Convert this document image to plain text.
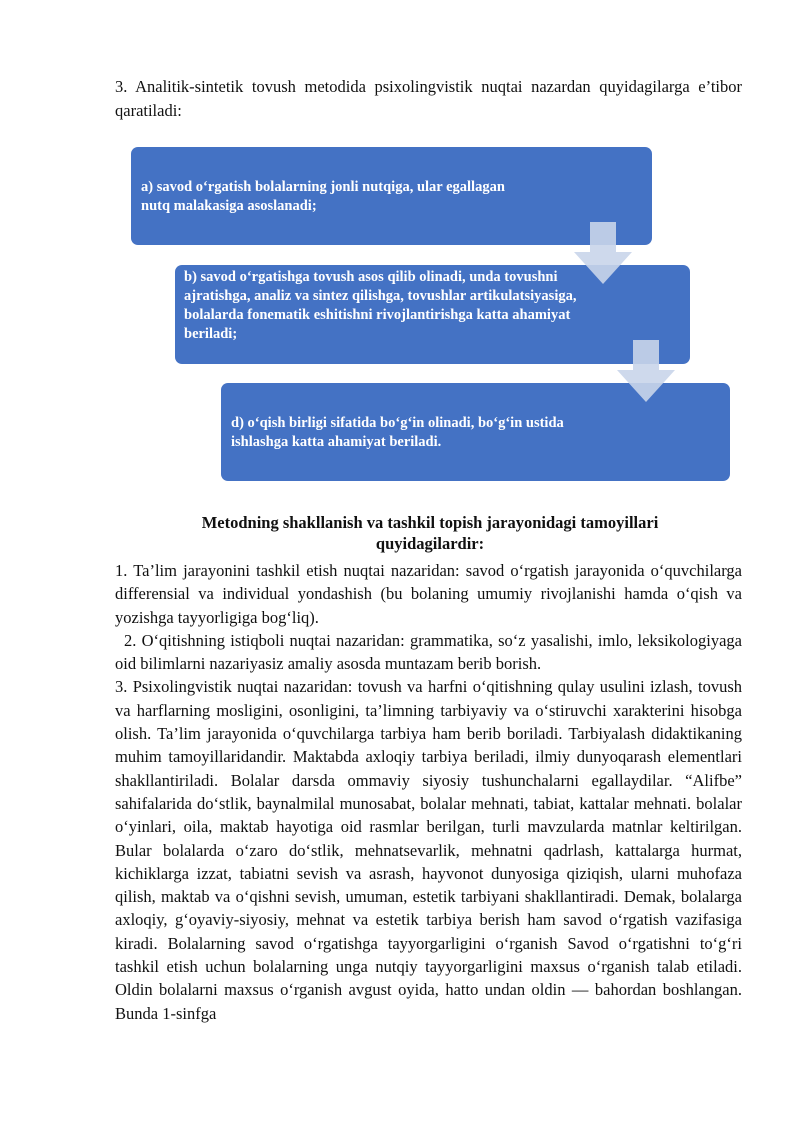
3. Analitik-sintetik tovush metodida psixolingvistik nuqtai nazardan quyidagilarga e’tibor qaratiladi:

a) savod o‘rgatish bolalarning jonli nutqiga, ular egallagan nutq malakasiga asoslanadi;
b) savod o‘rgatishga tovush asos qilib olinadi, unda tovushni ajratishga, analiz va sintez qilishga, tovushlar artikulatsiyasiga, bolalarda fonematik eshitishni rivojlantirishga katta ahamiyat beriladi;
d) o‘qish birligi sifatida bo‘g‘in olinadi, bo‘g‘in ustida ishlashga katta ahamiyat beriladi.
Metodning shakllanish va tashkil topish jarayonidagi tamoyillari quyidagilardir:

1. Ta’lim jarayonini tashkil etish nuqtai nazaridan: savod o‘rgatish jarayonida o‘quvchilarga differensial va individual yondashish (bu bolaning umumiy rivojlanishi hamda o‘qish va yozishga tayyorligiga bog‘liq).

2. O‘qitishning istiqboli nuqtai nazaridan: grammatika, so‘z yasalishi, imlo, leksikologiyaga oid bilimlarni nazariyasiz amaliy asosda muntazam berib borish.

3. Psixolingvistik nuqtai nazaridan: tovush va harfni o‘qitishning qulay usulini izlash, tovush va harflarning mosligini, osonligini, ta’limning tarbiyaviy va o‘stiruvchi xarakterini hisobga olish. Ta’lim jarayonida o‘quvchilarga tarbiya ham berib boriladi. Tarbiyalash didaktikaning muhim tamoyillaridandir. Maktabda axloqiy tarbiya beriladi, ilmiy dunyoqarash elementlari shakllantiriladi. Bolalar darsda ommaviy siyosiy tushunchalarni egallaydilar. “Alifbe” sahifalarida do‘stlik, baynalmilal munosabat, bolalar mehnati, tabiat, kattalar mehnati. bolalar o‘yinlari, oila, maktab hayotiga oid rasmlar berilgan, turli mavzularda matnlar keltirilgan. Bular bolalarda o‘zaro do‘stlik, mehnatsevarlik, mehnatni qadrlash, kattalarga hurmat, kichiklarga izzat, tabiatni sevish va asrash, hayvonot dunyosiga qiziqish, ularni muhofaza qilish, maktab va o‘qishni sevish, umuman, estetik tarbiyani shakllantiradi. Demak, bolalarga axloqiy, g‘oyaviy-siyosiy, mehnat va estetik tarbiya berish ham savod o‘rgatish vazifasiga kiradi. Bolalarning savod o‘rgatishga tayyorgarligini o‘rganish Savod o‘rgatishni to‘g‘ri tashkil etish uchun bolalarning unga nutqiy tayyorgarligini maxsus o‘rganish talab etiladi. Oldin bolalarni maxsus o‘rganish avgust oyida, hatto undan oldin — bahordan boshlangan. Bunda 1-sinfga
